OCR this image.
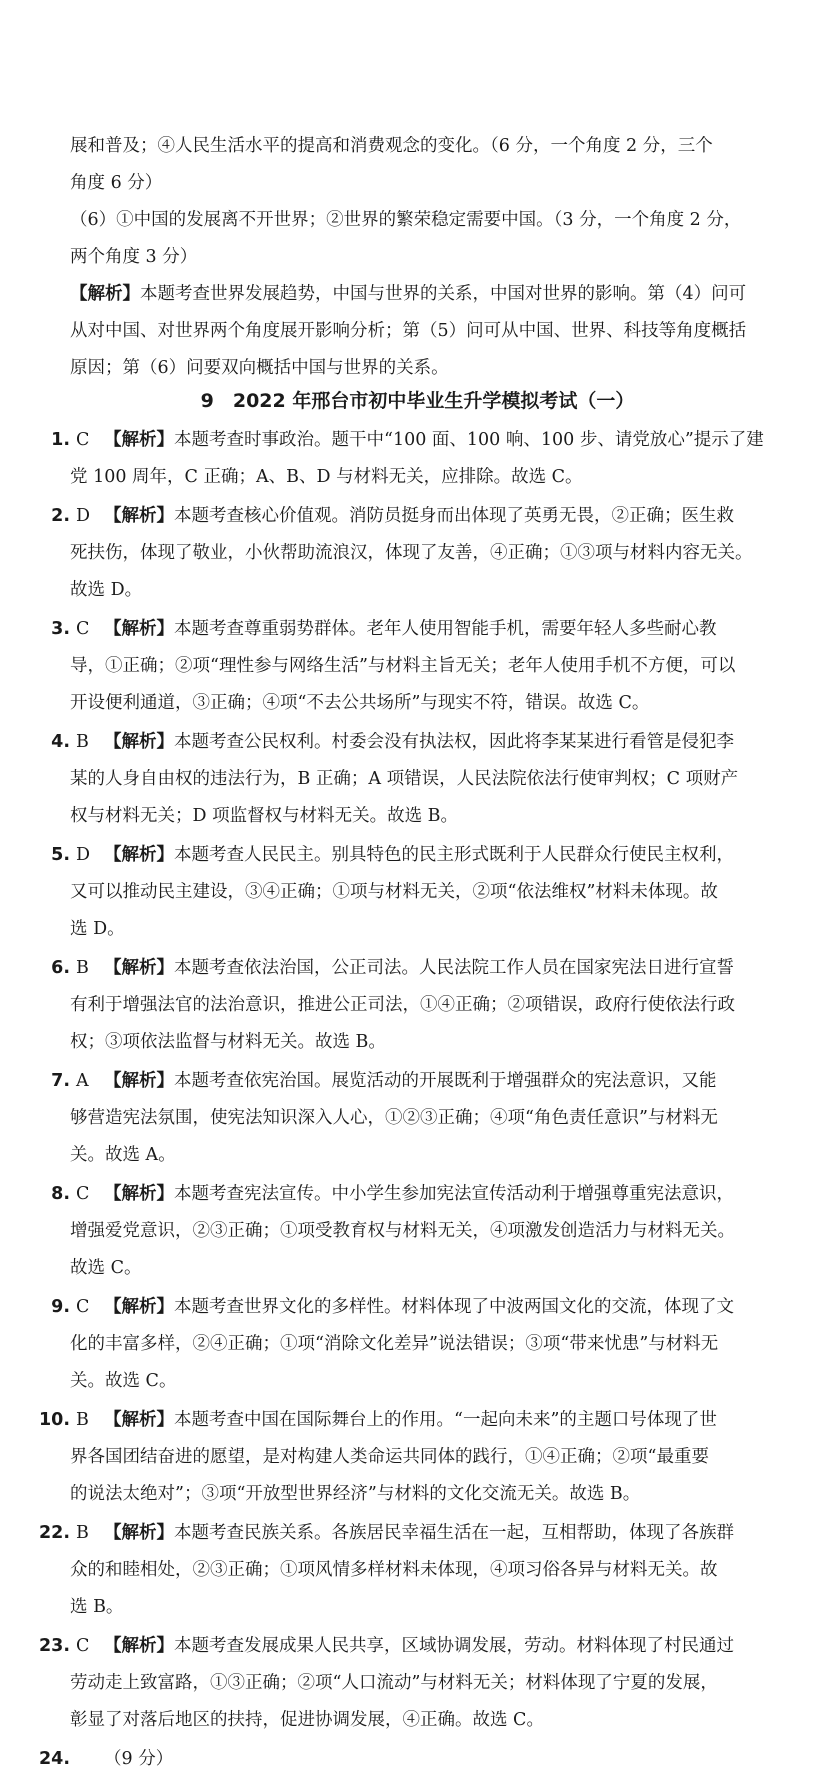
展和普及；④人民生活水平的提高和消费观念的变化。（6 分，一个角度 2 分，三个
角度 6 分）
（6）①中国的发展离不开世界；②世界的繁荣稳定需要中国。（3 分，一个角度 2 分，
两个角度 3 分）
【解析】本题考查世界发展趋势，中国与世界的关系，中国对世界的影响。第（4）问可
从对中国、对世界两个角度展开影响分析；第（5）问可从中国、世界、科技等角度概括
原因；第（6）问要双向概括中国与世界的关系。
9　2022 年邢台市初中毕业生升学模拟考试（一）
1. C 【解析】本题考查时事政治。题干中“100 面、100 响、100 步、请党放心”提示了建
党 100 周年，C 正确；A、B、D 与材料无关，应排除。故选 C。
2. D 【解析】本题考查核心价值观。消防员挺身而出体现了英勇无畏，②正确；医生救
死扶伤，体现了敬业，小伙帮助流浪汉，体现了友善，④正确；①③项与材料内容无关。
故选 D。
3. C 【解析】本题考查尊重弱势群体。老年人使用智能手机，需要年轻人多些耐心教
导，①正确；②项“理性参与网络生活”与材料主旨无关；老年人使用手机不方便，可以
开设便利通道，③正确；④项“不去公共场所”与现实不符，错误。故选 C。
4. B 【解析】本题考查公民权利。村委会没有执法权，因此将李某某进行看管是侵犯李
某的人身自由权的违法行为，B 正确；A 项错误，人民法院依法行使审判权；C 项财产
权与材料无关；D 项监督权与材料无关。故选 B。
5. D 【解析】本题考查人民民主。别具特色的民主形式既利于人民群众行使民主权利，
又可以推动民主建设，③④正确；①项与材料无关，②项“依法维权”材料未体现。故
选 D。
6. B 【解析】本题考查依法治国，公正司法。人民法院工作人员在国家宪法日进行宣誓
有利于增强法官的法治意识，推进公正司法，①④正确；②项错误，政府行使依法行政
权；③项依法监督与材料无关。故选 B。
7. A 【解析】本题考查依宪治国。展览活动的开展既利于增强群众的宪法意识，又能
够营造宪法氛围，使宪法知识深入人心，①②③正确；④项“角色责任意识”与材料无
关。故选 A。
8. C 【解析】本题考查宪法宣传。中小学生参加宪法宣传活动利于增强尊重宪法意识，
增强爱党意识，②③正确；①项受教育权与材料无关，④项激发创造活力与材料无关。
故选 C。
9. C 【解析】本题考查世界文化的多样性。材料体现了中波两国文化的交流，体现了文
化的丰富多样，②④正确；①项“消除文化差异”说法错误；③项“带来忧患”与材料无
关。故选 C。
10. B 【解析】本题考查中国在国际舞台上的作用。“一起向未来”的主题口号体现了世
界各国团结奋进的愿望，是对构建人类命运共同体的践行，①④正确；②项“最重要
的说法太绝对”；③项“开放型世界经济”与材料的文化交流无关。故选 B。
22. B 【解析】本题考查民族关系。各族居民幸福生活在一起，互相帮助，体现了各族群
众的和睦相处，②③正确；①项风情多样材料未体现，④项习俗各异与材料无关。故
选 B。
23. C 【解析】本题考查发展成果人民共享，区域协调发展，劳动。材料体现了村民通过
劳动走上致富路，①③正确；②项“人口流动”与材料无关；材料体现了宁夏的发展，
彰显了对落后地区的扶持，促进协调发展，④正确。故选 C。
24. （9 分）
